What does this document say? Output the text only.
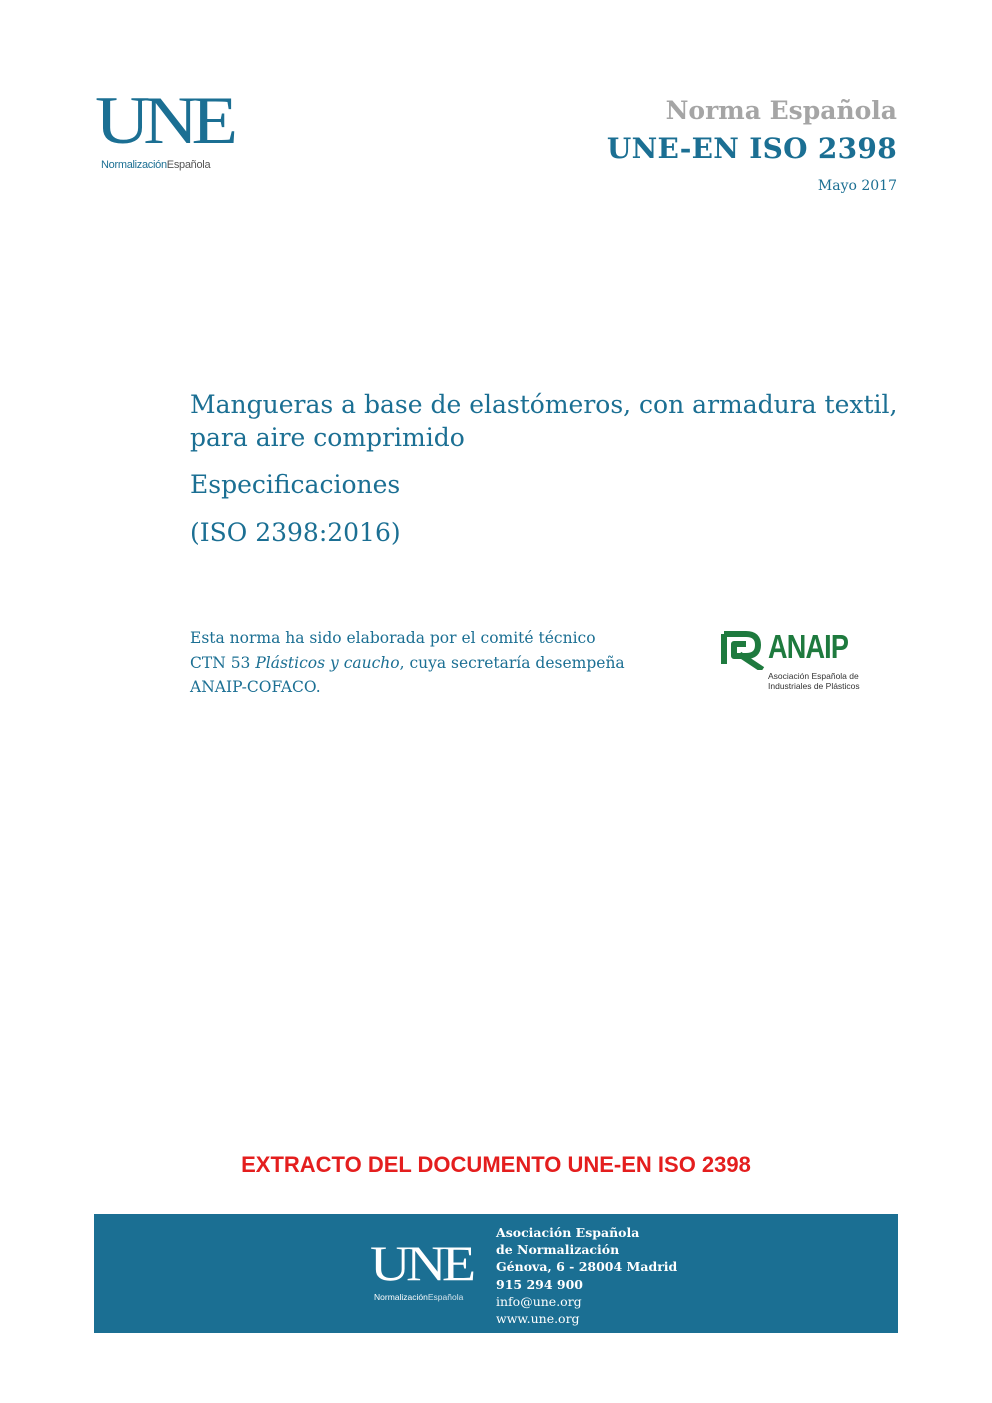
UNE
NormalizaciónEspañola
Norma Española
UNE-EN ISO 2398
Mayo 2017
Mangueras a base de elastómeros, con armadura textil, para aire comprimido
Especificaciones
(ISO 2398:2016)
Esta norma ha sido elaborada por el comité técnico
CTN 53 Plásticos y caucho, cuya secretaría desempeña
ANAIP-COFACO.
ANAIP
Asociación Española de
Industriales de Plásticos
EXTRACTO DEL DOCUMENTO UNE-EN ISO 2398
UNE
NormalizaciónEspañola
Asociación Española
de Normalización
Génova, 6 - 28004 Madrid
915 294 900
info@une.org
www.une.org
